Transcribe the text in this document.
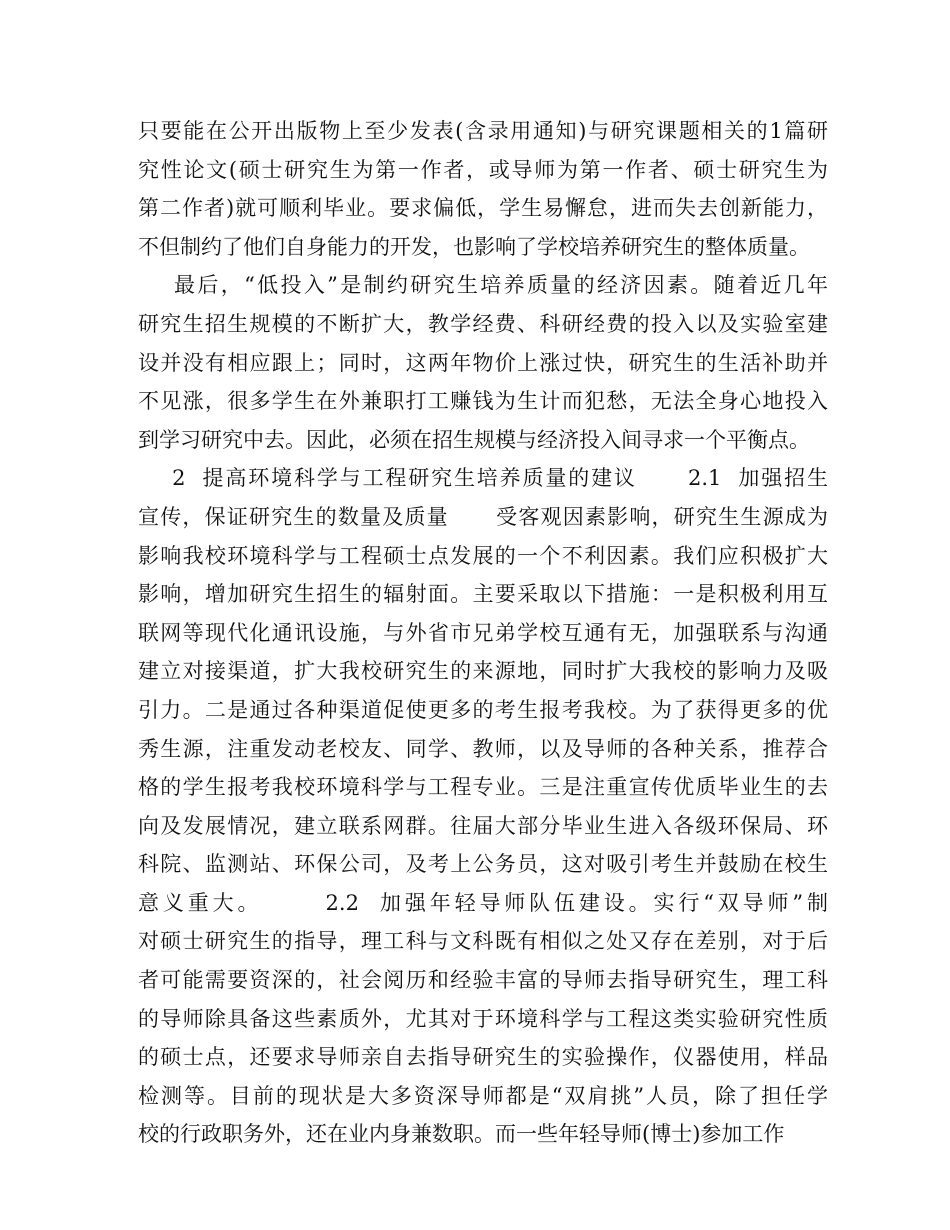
只要能在公开出版物上至少发表(含录用通知)与研究课题相关的1篇研
究性论文(硕士研究生为第一作者，或导师为第一作者、硕士研究生为
第二作者)就可顺利毕业。要求偏低，学生易懈怠，进而失去创新能力，
不但制约了他们自身能力的开发，也影响了学校培养研究生的整体质量。
最后，“低投入”是制约研究生培养质量的经济因素。随着近几年
研究生招生规模的不断扩大，教学经费、科研经费的投入以及实验室建
设并没有相应跟上；同时，这两年物价上涨过快，研究生的生活补助并
不见涨，很多学生在外兼职打工赚钱为生计而犯愁，无法全身心地投入
到学习研究中去。因此，必须在招生规模与经济投入间寻求一个平衡点。
2  提高环境科学与工程研究生培养质量的建议      2.1  加强招生
宣传，保证研究生的数量及质量      受客观因素影响，研究生生源成为
影响我校环境科学与工程硕士点发展的一个不利因素。我们应积极扩大
影响，增加研究生招生的辐射面。主要采取以下措施：一是积极利用互
联网等现代化通讯设施，与外省市兄弟学校互通有无，加强联系与沟通
建立对接渠道，扩大我校研究生的来源地，同时扩大我校的影响力及吸
引力。二是通过各种渠道促使更多的考生报考我校。为了获得更多的优
秀生源，注重发动老校友、同学、教师，以及导师的各种关系，推荐合
格的学生报考我校环境科学与工程专业。三是注重宣传优质毕业生的去
向及发展情况，建立联系网群。往届大部分毕业生进入各级环保局、环
科院、监测站、环保公司，及考上公务员，这对吸引考生并鼓励在校生
意义重大。      2.2  加强年轻导师队伍建设。实行“双导师”制
对硕士研究生的指导，理工科与文科既有相似之处又存在差别，对于后
者可能需要资深的，社会阅历和经验丰富的导师去指导研究生，理工科
的导师除具备这些素质外，尤其对于环境科学与工程这类实验研究性质
的硕士点，还要求导师亲自去指导研究生的实验操作，仪器使用，样品
检测等。目前的现状是大多资深导师都是“双肩挑”人员，除了担任学
校的行政职务外，还在业内身兼数职。而一些年轻导师(博士)参加工作
